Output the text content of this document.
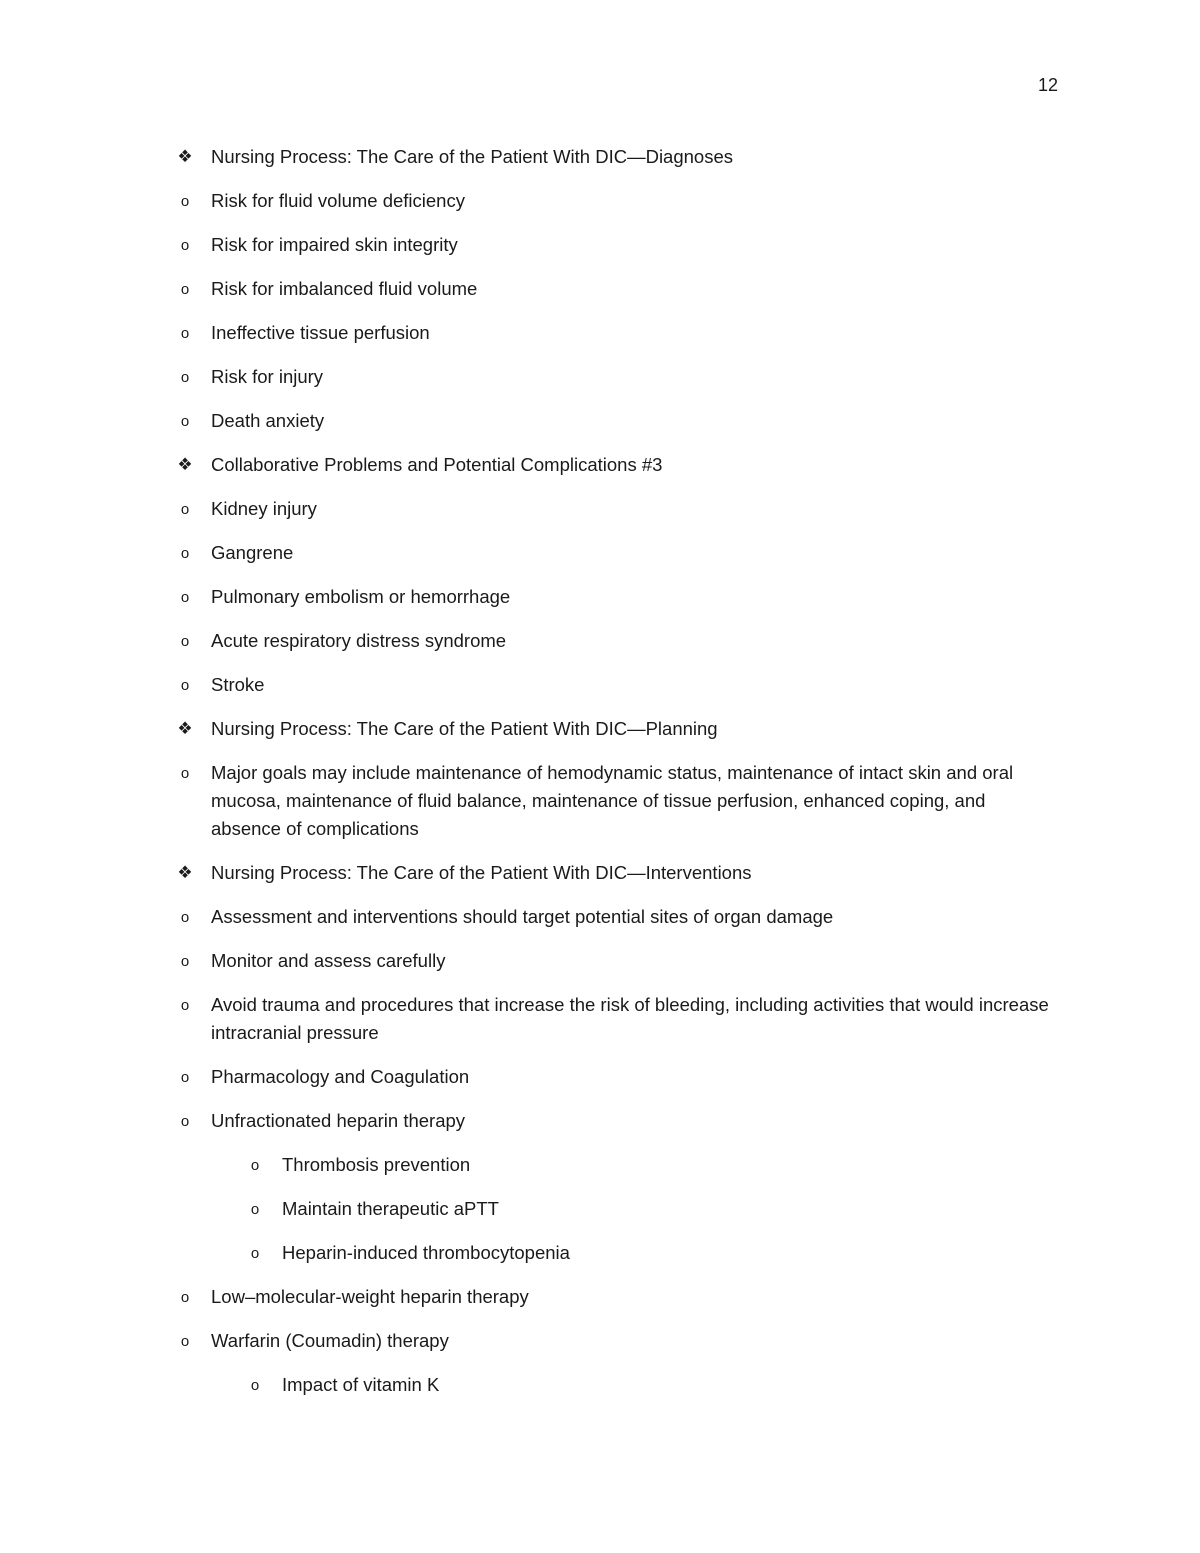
12
❖ Nursing Process: The Care of the Patient With DIC—Diagnoses
o	Risk for fluid volume deficiency
o	Risk for impaired skin integrity
o	Risk for imbalanced fluid volume
o	Ineffective tissue perfusion
o	Risk for injury
o	Death anxiety
❖ Collaborative Problems and Potential Complications #3
o	Kidney injury
o	Gangrene
o	Pulmonary embolism or hemorrhage
o	Acute respiratory distress syndrome
o	Stroke
❖ Nursing Process: The Care of the Patient With DIC—Planning
o	Major goals may include maintenance of hemodynamic status, maintenance of intact skin and oral mucosa, maintenance of fluid balance, maintenance of tissue perfusion, enhanced coping, and absence of complications
❖ Nursing Process: The Care of the Patient With DIC—Interventions
o	Assessment and interventions should target potential sites of organ damage
o	Monitor and assess carefully
o	Avoid trauma and procedures that increase the risk of bleeding, including activities that would increase intracranial pressure
o	Pharmacology and Coagulation
o	Unfractionated heparin therapy
o	Thrombosis prevention
o	Maintain therapeutic aPTT
o	Heparin-induced thrombocytopenia
o	Low–molecular-weight heparin therapy
o	Warfarin (Coumadin) therapy
o	Impact of vitamin K
